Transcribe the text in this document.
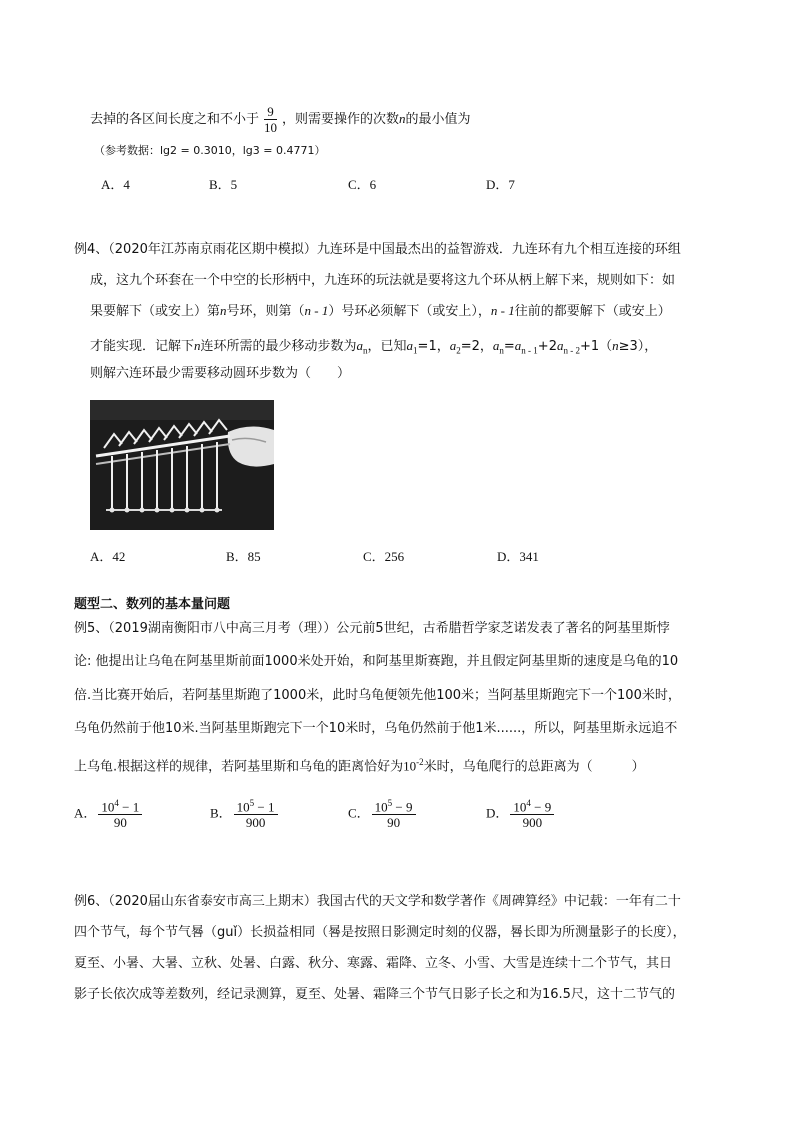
去掉的各区间长度之和不小于 $\frac{9}{10}$ ，则需要操作的次数n的最小值为
（参考数据：lg2 = 0.3010，lg3 = 0.4771）
A．4	B．5	C．6	D．7
例4、（2020年江苏南京雨花区期中模拟）九连环是中国最杰出的益智游戏．九连环有九个相互连接的环组
成，这九个环套在一个中空的长形柄中，九连环的玩法就是要将这九个环从柄上解下来，规则如下：如
果要解下（或安上）第n号环，则第（n - 1）号环必须解下（或安上），n - 1往前的都要解下（或安上）
才能实现．记解下n连环所需的最少移动步数为$a_n$，已知$a_1=1$，$a_2=2$，$a_n=a_{n - 1}+2a_{n - 2}+1(n\ge 3)$，
则解六连环最少需要移动圆环步数为（　　）
A．42	B．85	C．256	D．341
题型二、数列的基本量问题
例5、（2019湖南衡阳市八中高三月考（理））公元前5世纪，古希腊哲学家芝诺发表了著名的阿基里斯悖
论: 他提出让乌龟在阿基里斯前面1000米处开始，和阿基里斯赛跑，并且假定阿基里斯的速度是乌龟的10
倍.当比赛开始后，若阿基里斯跑了1000米，此时乌龟便领先他100米；当阿基里斯跑完下一个100米时，
乌龟仍然前于他10米.当阿基里斯跑完下一个10米时，乌龟仍然前于他1米......，所以，阿基里斯永远追不
上乌龟.根据这样的规律，若阿基里斯和乌龟的距离恰好为$10^{-2}$米时，乌龟爬行的总距离为（　　　）
A． $\frac{10^4 - 1}{90}$	B． $\frac{10^5 - 1}{900}$	C． $\frac{10^5 - 9}{90}$	D． $\frac{10^4 - 9}{900}$
例6、（2020届山东省泰安市高三上期末）我国古代的天文学和数学著作《周碑算经》中记载：一年有二十
四个节气，每个节气晷（guǐ）长损益相同（晷是按照日影测定时刻的仪器，晷长即为所测量影子的长度），
夏至、小暑、大暑、立秋、处暑、白露、秋分、寒露、霜降、立冬、小雪、大雪是连续十二个节气，其日
影子长依次成等差数列，经记录测算，夏至、处暑、霜降三个节气日影子长之和为16.5尺，这十二节气的
